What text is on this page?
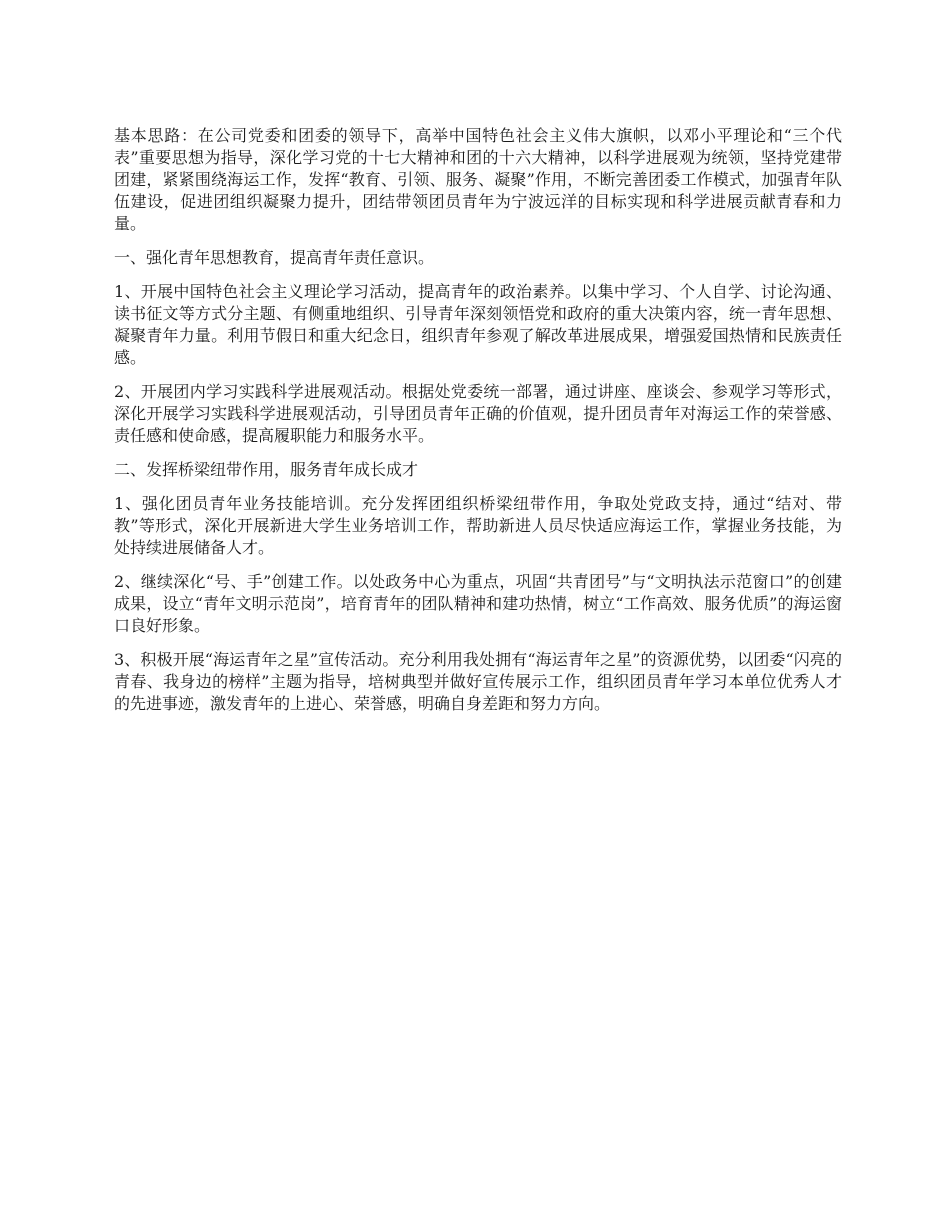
基本思路：在公司党委和团委的领导下，高举中国特色社会主义伟大旗帜，以邓小平理论和“三个代表”重要思想为指导，深化学习党的十七大精神和团的十六大精神，以科学进展观为统领，坚持党建带团建，紧紧围绕海运工作，发挥“教育、引领、服务、凝聚”作用，不断完善团委工作模式，加强青年队伍建设，促进团组织凝聚力提升，团结带领团员青年为宁波远洋的目标实现和科学进展贡献青春和力量。

一、强化青年思想教育，提高青年责任意识。

1、开展中国特色社会主义理论学习活动，提高青年的政治素养。以集中学习、个人自学、讨论沟通、读书征文等方式分主题、有侧重地组织、引导青年深刻领悟党和政府的重大决策内容，统一青年思想、凝聚青年力量。利用节假日和重大纪念日，组织青年参观了解改革进展成果，增强爱国热情和民族责任感。

2、开展团内学习实践科学进展观活动。根据处党委统一部署，通过讲座、座谈会、参观学习等形式，深化开展学习实践科学进展观活动，引导团员青年正确的价值观，提升团员青年对海运工作的荣誉感、责任感和使命感，提高履职能力和服务水平。

二、发挥桥梁纽带作用，服务青年成长成才

1、强化团员青年业务技能培训。充分发挥团组织桥梁纽带作用，争取处党政支持，通过“结对、带教”等形式，深化开展新进大学生业务培训工作，帮助新进人员尽快适应海运工作，掌握业务技能，为处持续进展储备人才。

2、继续深化“号、手”创建工作。以处政务中心为重点，巩固“共青团号”与“文明执法示范窗口”的创建成果，设立“青年文明示范岗”，培育青年的团队精神和建功热情，树立“工作高效、服务优质”的海运窗口良好形象。

3、积极开展“海运青年之星”宣传活动。充分利用我处拥有“海运青年之星”的资源优势，以团委“闪亮的青春、我身边的榜样”主题为指导，培树典型并做好宣传展示工作，组织团员青年学习本单位优秀人才的先进事迹，激发青年的上进心、荣誉感，明确自身差距和努力方向。
